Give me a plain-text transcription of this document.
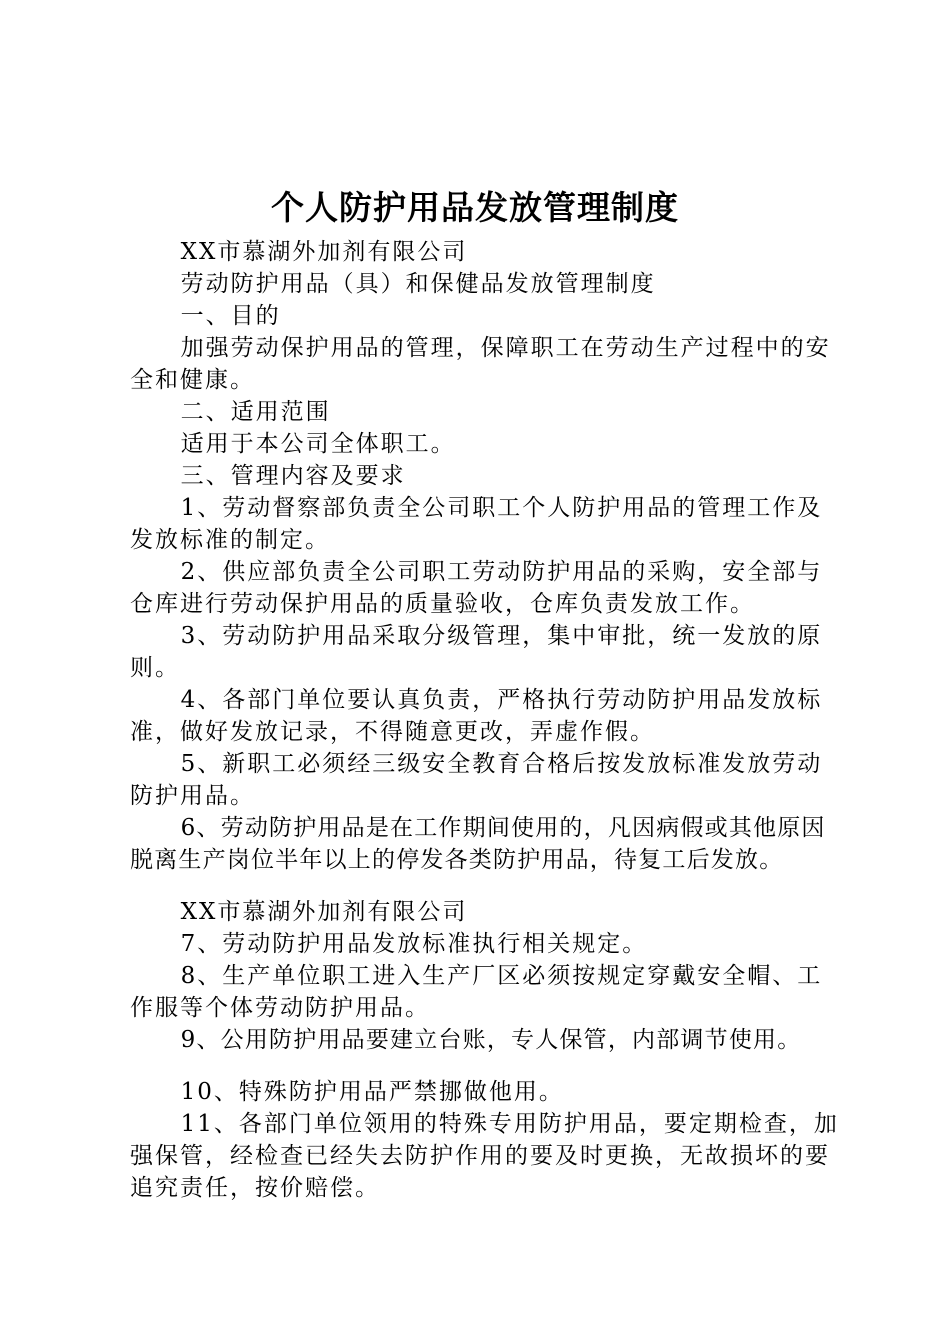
个人防护用品发放管理制度

XX市慕湖外加剂有限公司

劳动防护用品（具）和保健品发放管理制度

一、目的

加强劳动保护用品的管理，保障职工在劳动生产过程中的安全和健康。

二、适用范围

适用于本公司全体职工。

三、管理内容及要求

1、劳动督察部负责全公司职工个人防护用品的管理工作及发放标准的制定。

2、供应部负责全公司职工劳动防护用品的采购，安全部与仓库进行劳动保护用品的质量验收，仓库负责发放工作。

3、劳动防护用品采取分级管理，集中审批，统一发放的原则。

4、各部门单位要认真负责，严格执行劳动防护用品发放标准，做好发放记录，不得随意更改，弄虚作假。

5、新职工必须经三级安全教育合格后按发放标准发放劳动防护用品。

6、劳动防护用品是在工作期间使用的，凡因病假或其他原因脱离生产岗位半年以上的停发各类防护用品，待复工后发放。

XX市慕湖外加剂有限公司

7、劳动防护用品发放标准执行相关规定。

8、生产单位职工进入生产厂区必须按规定穿戴安全帽、工作服等个体劳动防护用品。

9、公用防护用品要建立台账，专人保管，内部调节使用。

10、特殊防护用品严禁挪做他用。

11、各部门单位领用的特殊专用防护用品，要定期检查，加强保管，经检查已经失去防护作用的要及时更换，无故损坏的要追究责任，按价赔偿。
